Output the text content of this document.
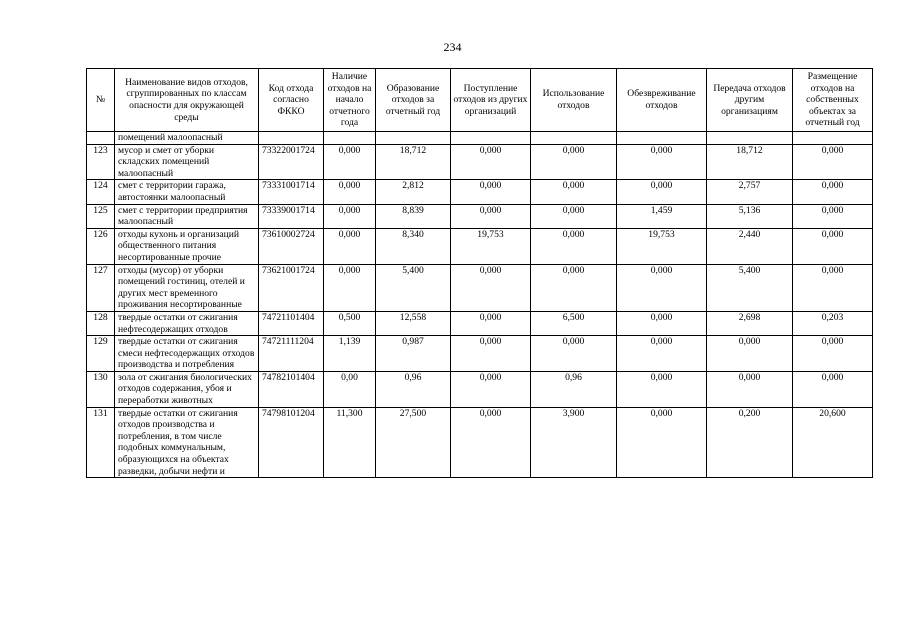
234
№	Наименование видов отходов, сгруппированных по классам опасности для окружающей среды	Код отхода согласно ФККО	Наличие отходов на начало отчетного года	Образование отходов за отчетный год	Поступление отходов из других организаций	Использование отходов	Обезвреживание отходов	Передача отходов другим организациям	Размещение отходов на собственных объектах за отчетный год
	помещений малоопасный								
123	мусор и смет от уборки складских помещений малоопасный	73322001724	0,000	18,712	0,000	0,000	0,000	18,712	0,000
124	смет с территории гаража, автостоянки малоопасный	73331001714	0,000	2,812	0,000	0,000	0,000	2,757	0,000
125	смет с территории предприятия малоопасный	73339001714	0,000	8,839	0,000	0,000	1,459	5,136	0,000
126	отходы кухонь и организаций общественного питания несортированные прочие	73610002724	0,000	8,340	19,753	0,000	19,753	2,440	0,000
127	отходы (мусор) от уборки помещений гостиниц, отелей и других мест временного проживания несортированные	73621001724	0,000	5,400	0,000	0,000	0,000	5,400	0,000
128	твердые остатки от сжигания нефтесодержащих отходов	74721101404	0,500	12,558	0,000	6,500	0,000	2,698	0,203
129	твердые остатки от сжигания смеси нефтесодержащих отходов производства и потребления	74721111204	1,139	0,987	0,000	0,000	0,000	0,000	0,000
130	зола от сжигания биологических отходов содержания, убоя и переработки животных	74782101404	0,00	0,96	0,000	0,96	0,000	0,000	0,000
131	твердые остатки от сжигания отходов производства и потребления, в том числе подобных коммунальным, образующихся на объектах разведки, добычи нефти и	74798101204	11,300	27,500	0,000	3,900	0,000	0,200	20,600
